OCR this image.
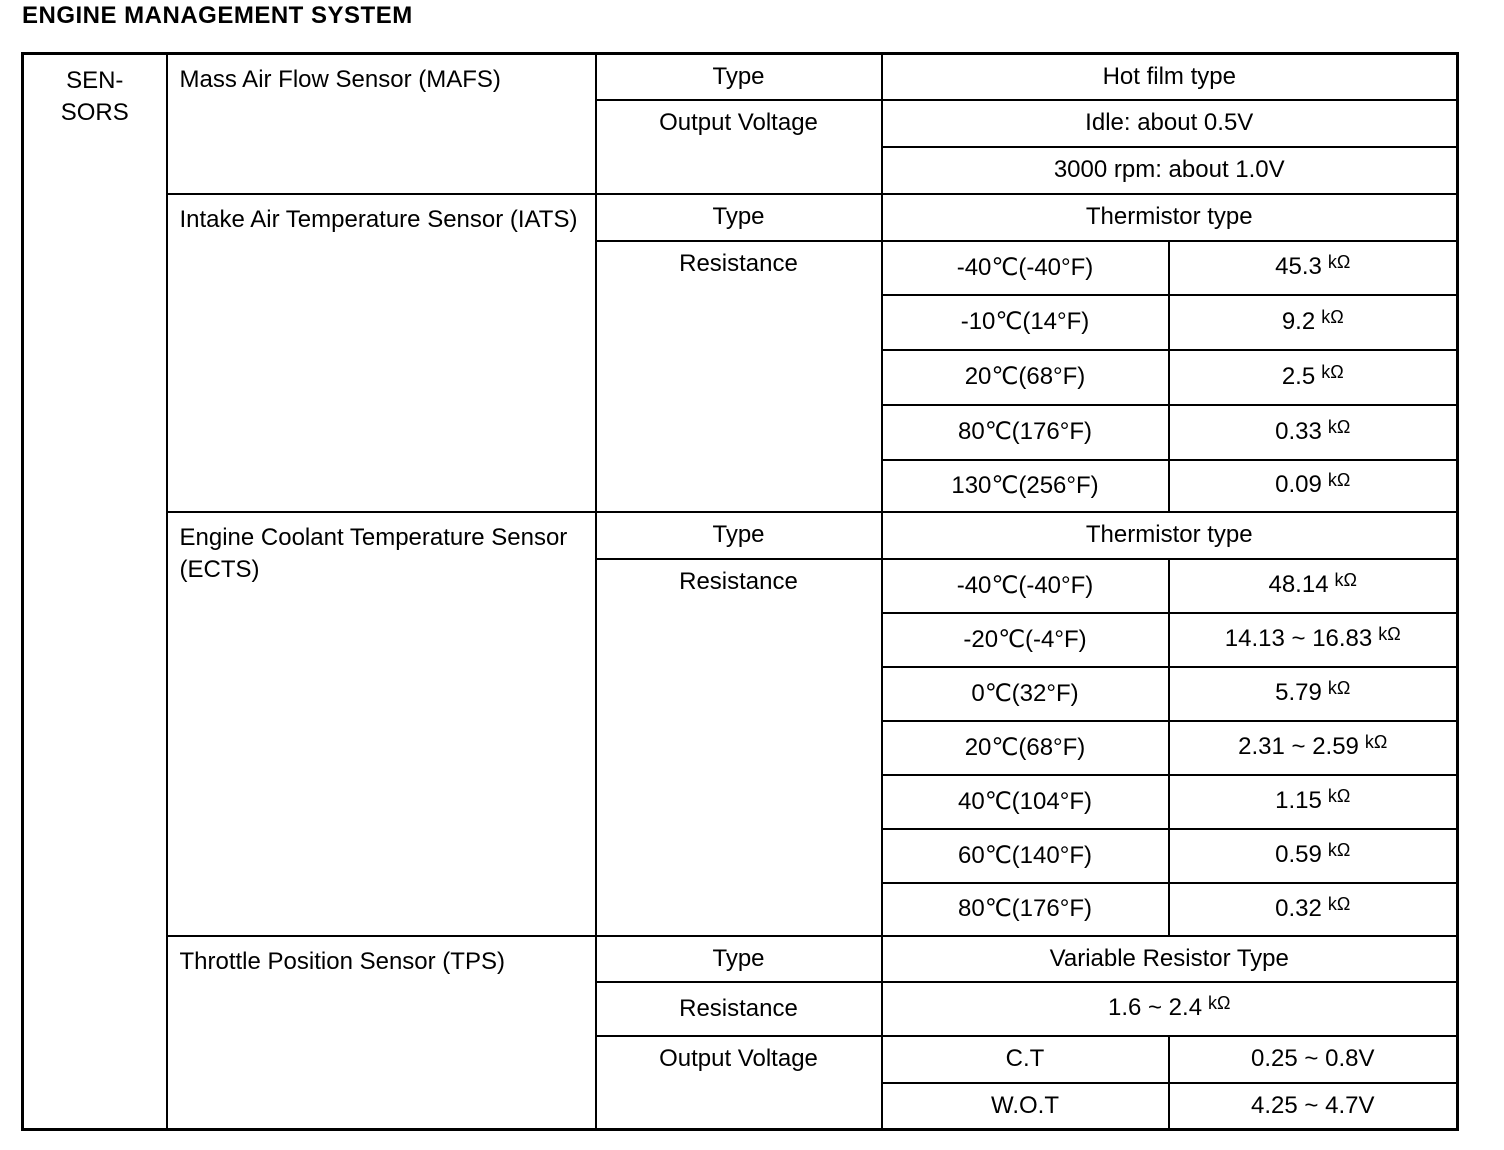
ENGINE MANAGEMENT SYSTEM
SEN-
SORS	Mass Air Flow Sensor (MAFS)	Type	Hot film type	
		Output Voltage	Idle: about 0.5V	
			3000 rpm: about 1.0V	
	Intake Air Temperature Sensor (IATS)	Type	Thermistor type	
		Resistance	-40℃(-40°F)	45.3 $^{k\Omega}$
			-10℃(14°F)	9.2 $^{k\Omega}$
			20℃(68°F)	2.5 $^{k\Omega}$
			80℃(176°F)	0.33 $^{k\Omega}$
			130℃(256°F)	0.09 $^{k\Omega}$
	Engine Coolant Temperature Sensor (ECTS)	Type	Thermistor type	
		Resistance	-40℃(-40°F)	48.14 $^{k\Omega}$
			-20℃(-4°F)	14.13 ~ 16.83 $^{k\Omega}$
			0℃(32°F)	5.79 $^{k\Omega}$
			20℃(68°F)	2.31 ~ 2.59 $^{k\Omega}$
			40℃(104°F)	1.15 $^{k\Omega}$
			60℃(140°F)	0.59 $^{k\Omega}$
			80℃(176°F)	0.32 $^{k\Omega}$
	Throttle Position Sensor (TPS)	Type	Variable Resistor Type	
		Resistance	1.6 ~ 2.4 $^{k\Omega}$
		Output Voltage	C.T	0.25 ~ 0.8V
			W.O.T	4.25 ~ 4.7V
